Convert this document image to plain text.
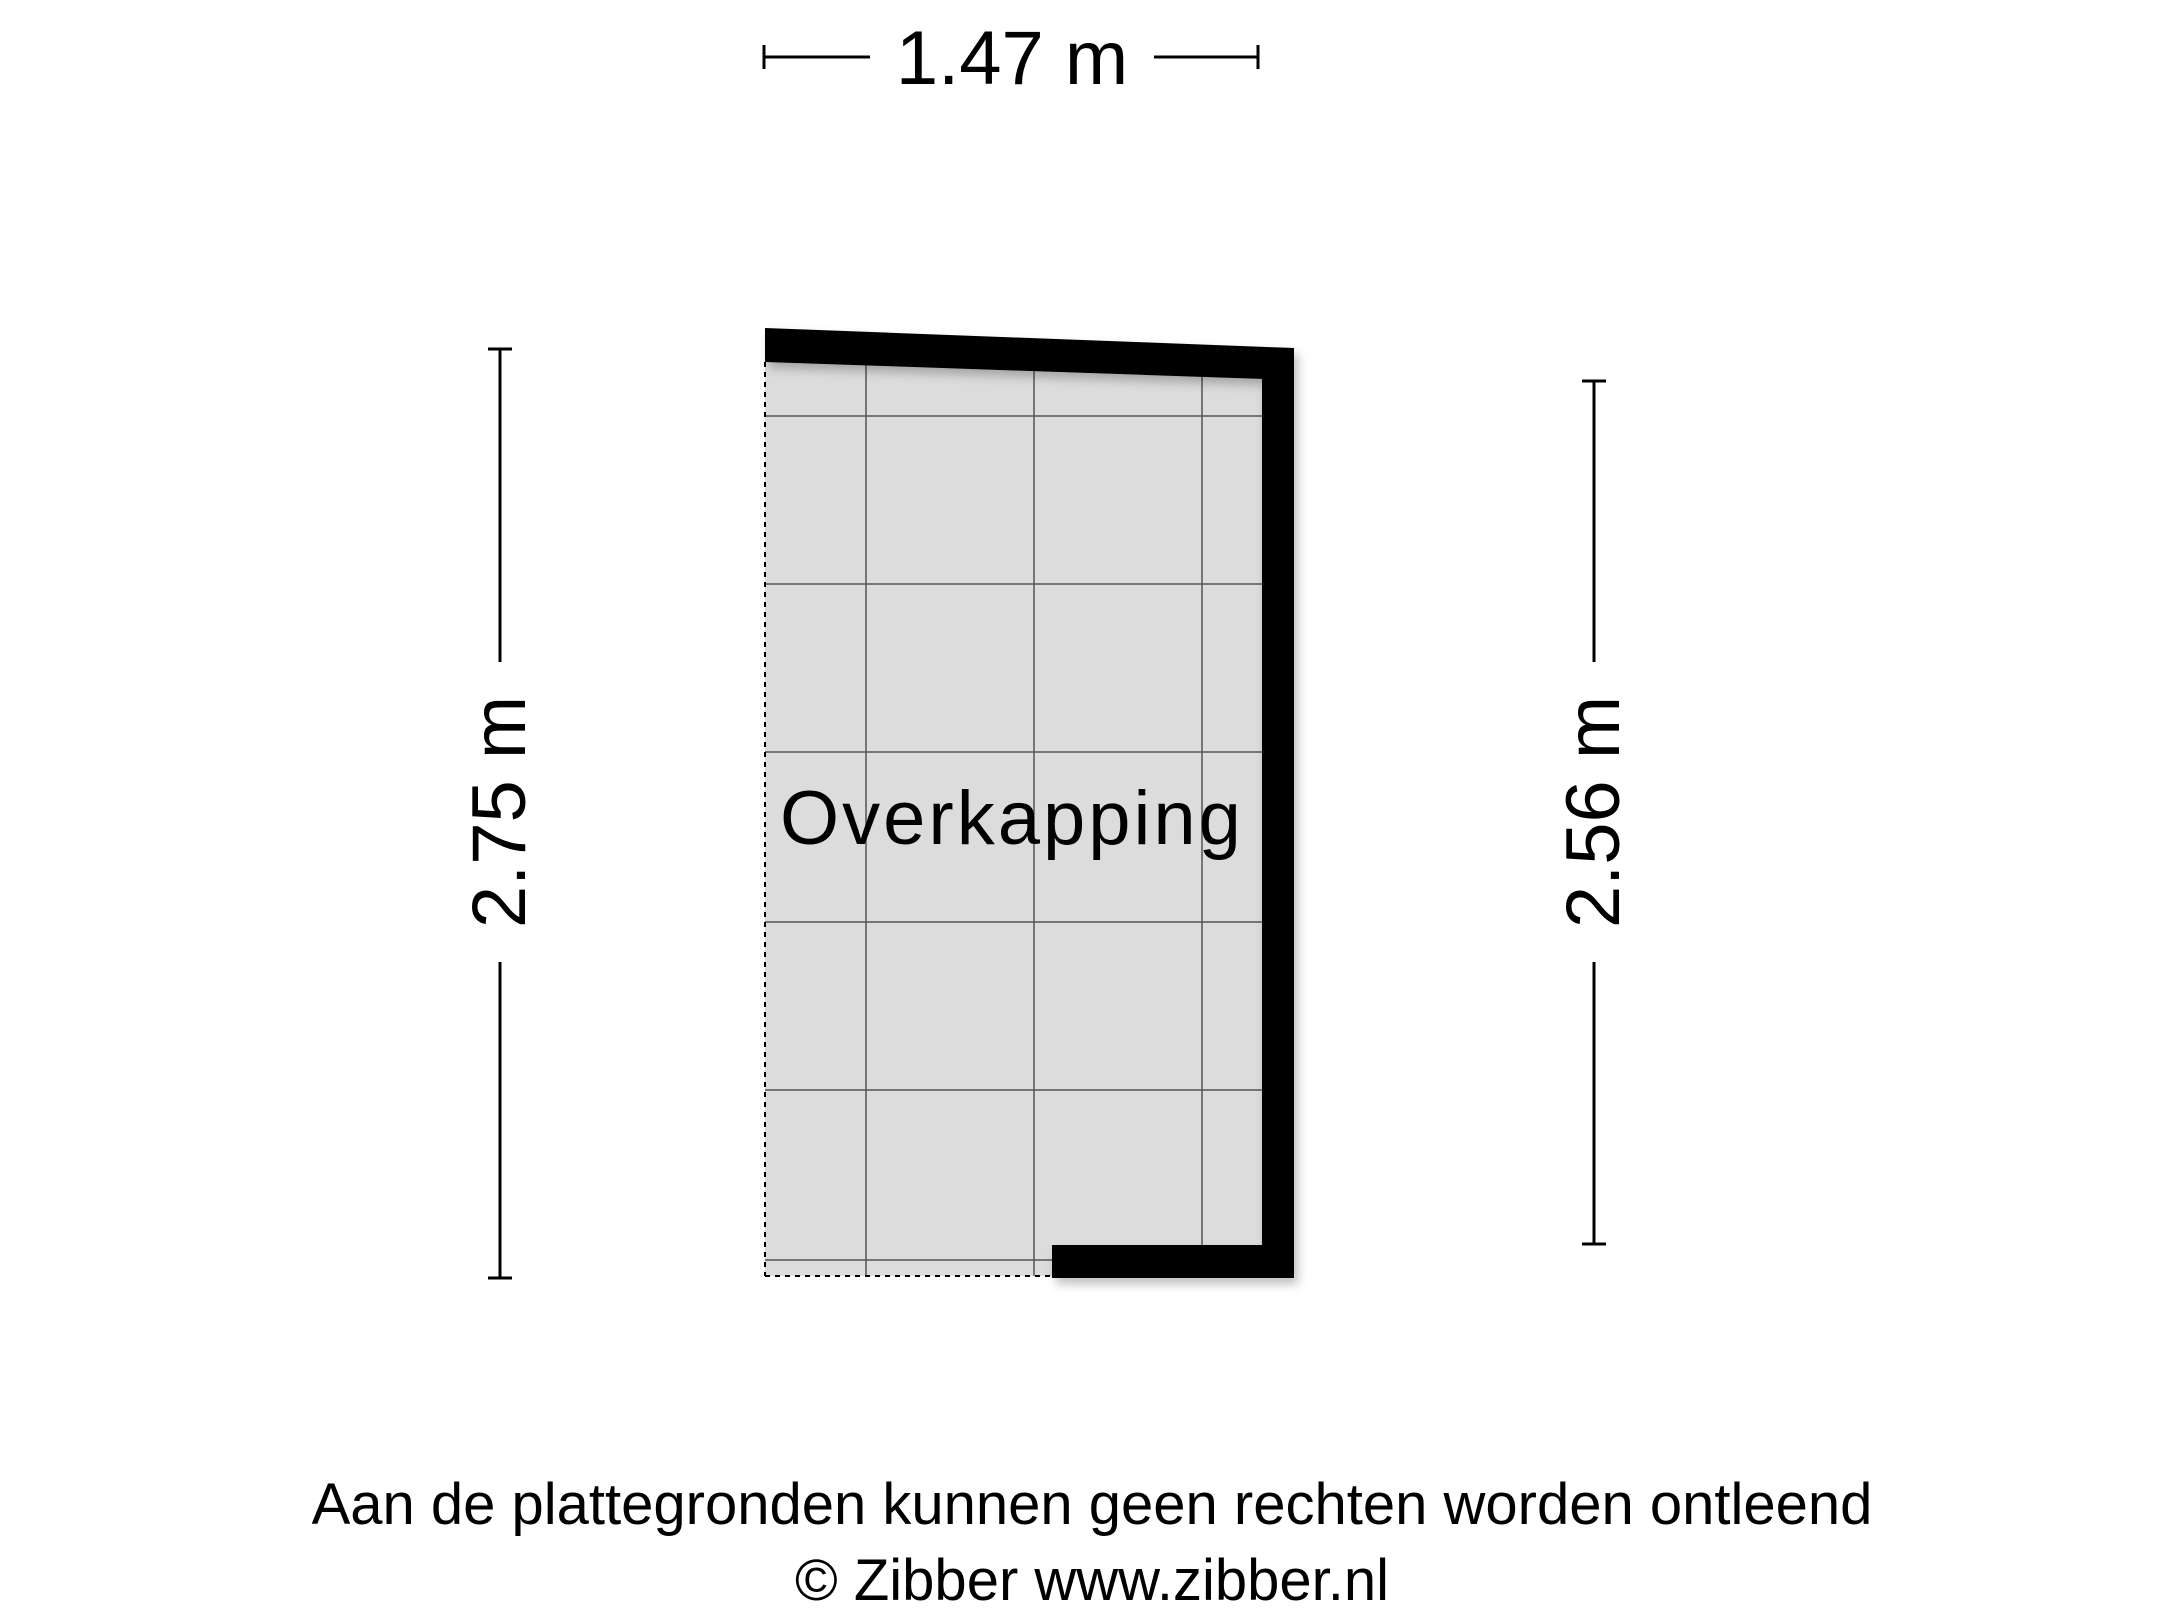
1.47 m
2.75 m	2.56 m
Overkapping
Aan de plattegronden kunnen geen rechten worden ontleend
© Zibber www.zibber.nl
